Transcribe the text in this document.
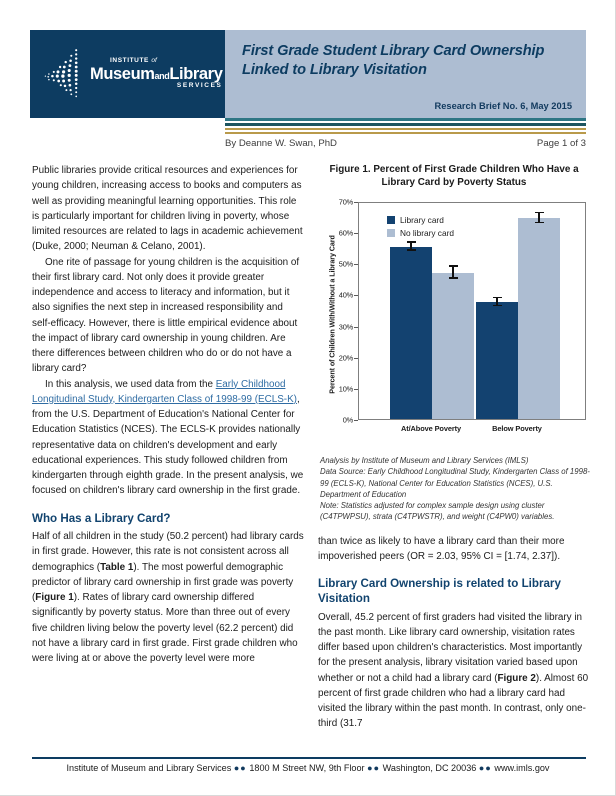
INSTITUTE of
MuseumandLibrary
SERVICES
First Grade Student Library Card Ownership Linked to Library Visitation
Research Brief No. 6, May 2015
By Deanne W. Swan, PhD	Page 1 of 3

Public libraries provide critical resources and experiences for young children, increasing access to books and computers as well as providing meaningful learning opportunities. This role is particularly important for children living in poverty, whose limited resources are related to lags in academic achievement (Duke, 2000; Neuman & Celano, 2001).

One rite of passage for young children is the acquisition of their first library card. Not only does it provide greater independence and access to literacy and information, but it also signifies the next step in increased responsibility and self-efficacy. However, there is little empirical evidence about the impact of library card ownership in young children. Are there differences between children who do or do not have a library card?

In this analysis, we used data from the Early Childhood Longitudinal Study, Kindergarten Class of 1998-99 (ECLS-K), from the U.S. Department of Education's National Center for Education Statistics (NCES). The ECLS-K provides nationally representative data on children's development and early educational experiences. This study followed children from kindergarten through eighth grade. In the present analysis, we focused on children's library card ownership in the first grade.

Who Has a Library Card?

Half of all children in the study (50.2 percent) had library cards in first grade. However, this rate is not consistent across all demographics (Table 1). The most powerful demographic predictor of library card ownership in first grade was poverty (Figure 1). Rates of library card ownership differed significantly by poverty status. More than three out of every five children living below the poverty level (62.2 percent) did not have a library card in first grade. First grade children who were living at or above the poverty level were more

Figure 1. Percent of First Grade Children Who Have a
Library Card by Poverty Status
Percent of Children With/Without a Library Card
0%
10%
20%
30%
40%
50%
60%
70%
Library card
No library card
At/Above Poverty	Below Poverty
Analysis by Institute of Museum and Library Services (IMLS)
Data Source: Early Childhood Longitudinal Study, Kindergarten Class of 1998-99 (ECLS-K), National Center for Education Statistics (NCES), U.S. Department of Education
Note: Statistics adjusted for complex sample design using cluster (C4TPWPSU), strata (C4TPWSTR), and weight (C4PW0) variables.

than twice as likely to have a library card than their more impoverished peers (OR = 2.03, 95% CI = [1.74, 2.37]).

Library Card Ownership is related to Library Visitation

Overall, 45.2 percent of first graders had visited the library in the past month. Like library card ownership, visitation rates differ based upon children's characteristics. Most importantly for the present analysis, library visitation varied based upon whether or not a child had a library card (Figure 2). Almost 60 percent of first grade children who had a library card had visited the library within the past month. In contrast, only one-third (31.7

Institute of Museum and Library Services ●● 1800 M Street NW, 9th Floor ●● Washington, DC 20036 ●● www.imls.gov
